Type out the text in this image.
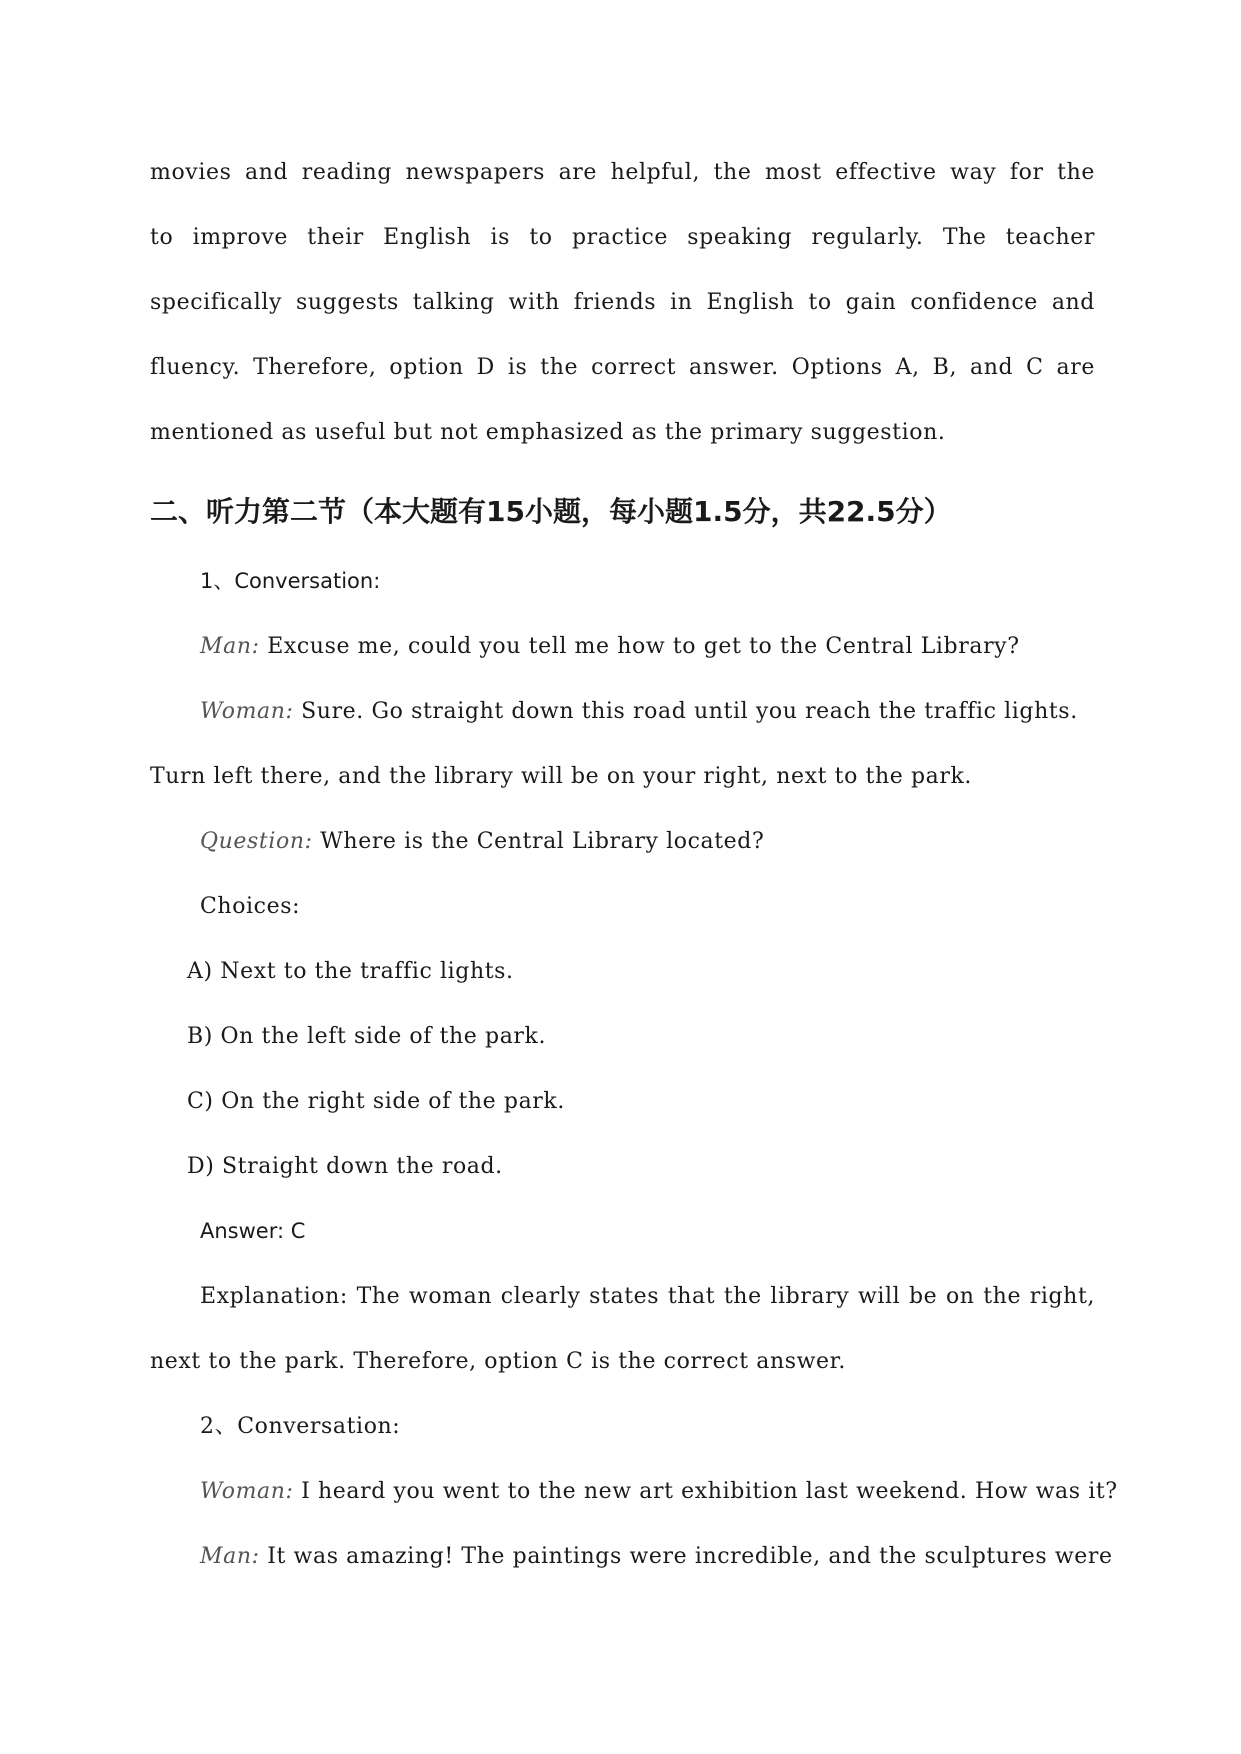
movies and reading newspapers are helpful, the most effective way for the
to improve their English is to practice speaking regularly. The teacher
specifically suggests talking with friends in English to gain confidence and
fluency. Therefore, option D is the correct answer. Options A, B, and C are
mentioned as useful but not emphasized as the primary suggestion.
二、听力第二节（本大题有15小题，每小题1.5分，共22.5分）
1、Conversation:
Man: Excuse me, could you tell me how to get to the Central Library?
Woman: Sure. Go straight down this road until you reach the traffic lights.
Turn left there, and the library will be on your right, next to the park.
Question: Where is the Central Library located?
Choices:
A) Next to the traffic lights.
B) On the left side of the park.
C) On the right side of the park.
D) Straight down the road.
Answer: C
Explanation: The woman clearly states that the library will be on the right,
next to the park. Therefore, option C is the correct answer.
2、Conversation:
Woman: I heard you went to the new art exhibition last weekend. How was it?
Man: It was amazing! The paintings were incredible, and the sculptures were
